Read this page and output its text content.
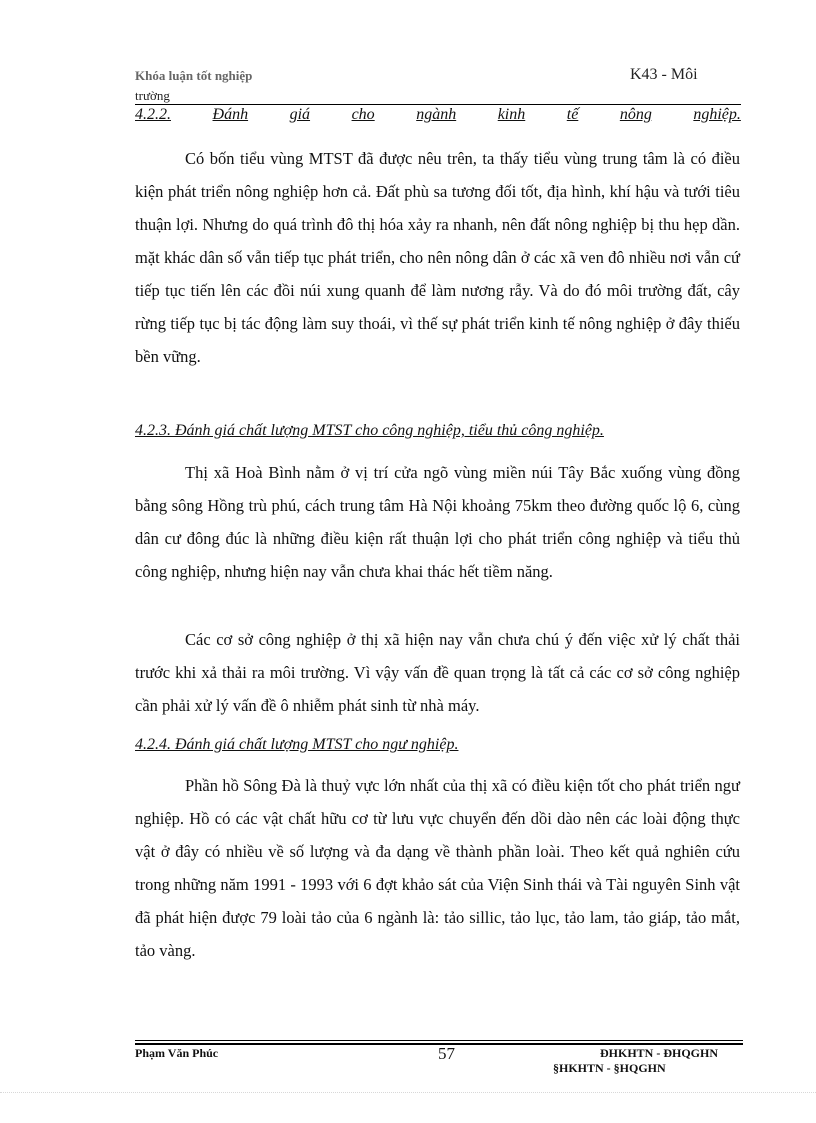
Khóa luận tốt nghiệp
trường
K43 - Môi
4.2.2.	Đánh	giá	cho	ngành	kinh	tế	nông	nghiệp.

Có bốn tiểu vùng MTST đã được nêu trên, ta thấy tiểu vùng trung tâm là có điều kiện phát triển nông nghiệp hơn cả. Đất phù sa tương đối tốt, địa hình, khí hậu và tưới tiêu thuận lợi. Nhưng do quá trình đô thị hóa xảy ra nhanh, nên đất nông nghiệp bị thu hẹp dần. mặt khác dân số vẫn tiếp tục phát triển, cho nên nông dân ở các xã ven đô nhiều nơi vẫn cứ tiếp tục tiến lên các đồi núi xung quanh để làm nương rẫy. Và do đó môi trường đất, cây rừng tiếp tục bị tác động làm suy thoái, vì thế sự phát triển kinh tế nông nghiệp ở đây thiếu bền vững.

4.2.3. Đánh giá chất lượng MTST cho công nghiệp, tiểu thủ công nghiệp.

Thị xã Hoà Bình nằm ở vị trí cửa ngõ vùng miền núi Tây Bắc xuống vùng đồng bằng sông Hồng trù phú, cách trung tâm Hà Nội khoảng 75km theo đường quốc lộ 6, cùng dân cư đông đúc là những điều kiện rất thuận lợi cho phát triển công nghiệp và tiểu thủ công nghiệp, nhưng hiện nay vẫn chưa khai thác hết tiềm năng.

Các cơ sở công nghiệp ở thị xã hiện nay vẫn chưa chú ý đến việc xử lý chất thải trước khi xả thải ra môi trường. Vì vậy vấn đề quan trọng là tất cả các cơ sở công nghiệp cần phải xử lý vấn đề ô nhiễm phát sinh từ nhà máy.

4.2.4. Đánh giá chất lượng MTST cho ngư nghiệp.

Phần hồ Sông Đà là thuỷ vực lớn nhất của thị xã có điều kiện tốt cho phát triển ngư nghiệp. Hồ có các vật chất hữu cơ từ lưu vực chuyển đến dồi dào nên các loài động thực vật ở đây có nhiều về số lượng và đa dạng về thành phần loài. Theo kết quả nghiên cứu trong những năm 1991 - 1993 với 6 đợt khảo sát của Viện Sinh thái và Tài nguyên Sinh vật đã phát hiện được 79 loài tảo của 6 ngành là: tảo sillic, tảo lục, tảo lam, tảo giáp, tảo mắt, tảo vàng.

Phạm Văn Phúc	57	ĐHKHTN - ĐHQGHN
§HKHTN - §HQGHN
